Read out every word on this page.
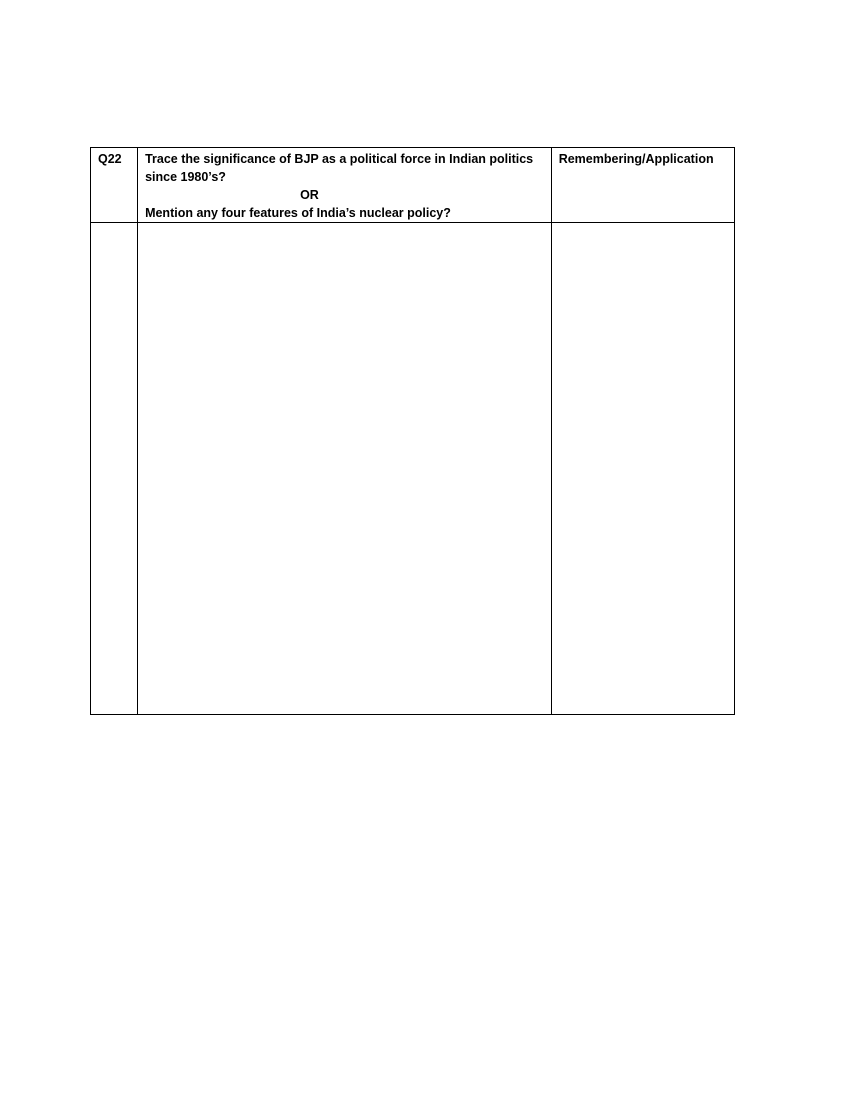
Q22	Trace the significance of BJP as a political force in Indian politics
since 1980’s?
OR
Mention any four features of India’s nuclear policy?	Remembering/Application
